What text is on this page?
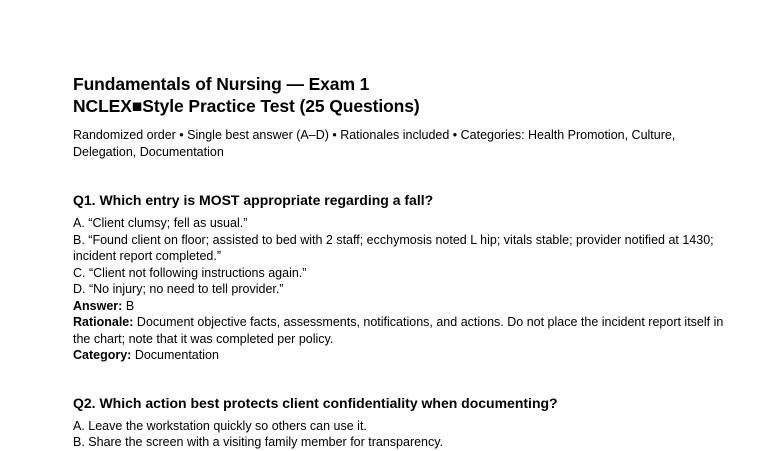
Fundamentals of Nursing — Exam 1
NCLEX■Style Practice Test (25 Questions)
Randomized order • Single best answer (A–D) • Rationales included • Categories: Health Promotion, Culture, Delegation, Documentation
Q1. Which entry is MOST appropriate regarding a fall?
A. “Client clumsy; fell as usual.”
B. “Found client on floor; assisted to bed with 2 staff; ecchymosis noted L hip; vitals stable; provider notified at 1430; incident report completed.”
C. “Client not following instructions again.”
D. “No injury; no need to tell provider.”
Answer: B
Rationale: Document objective facts, assessments, notifications, and actions. Do not place the incident report itself in the chart; note that it was completed per policy.
Category: Documentation
Q2. Which action best protects client confidentiality when documenting?
A. Leave the workstation quickly so others can use it.
B. Share the screen with a visiting family member for transparency.
